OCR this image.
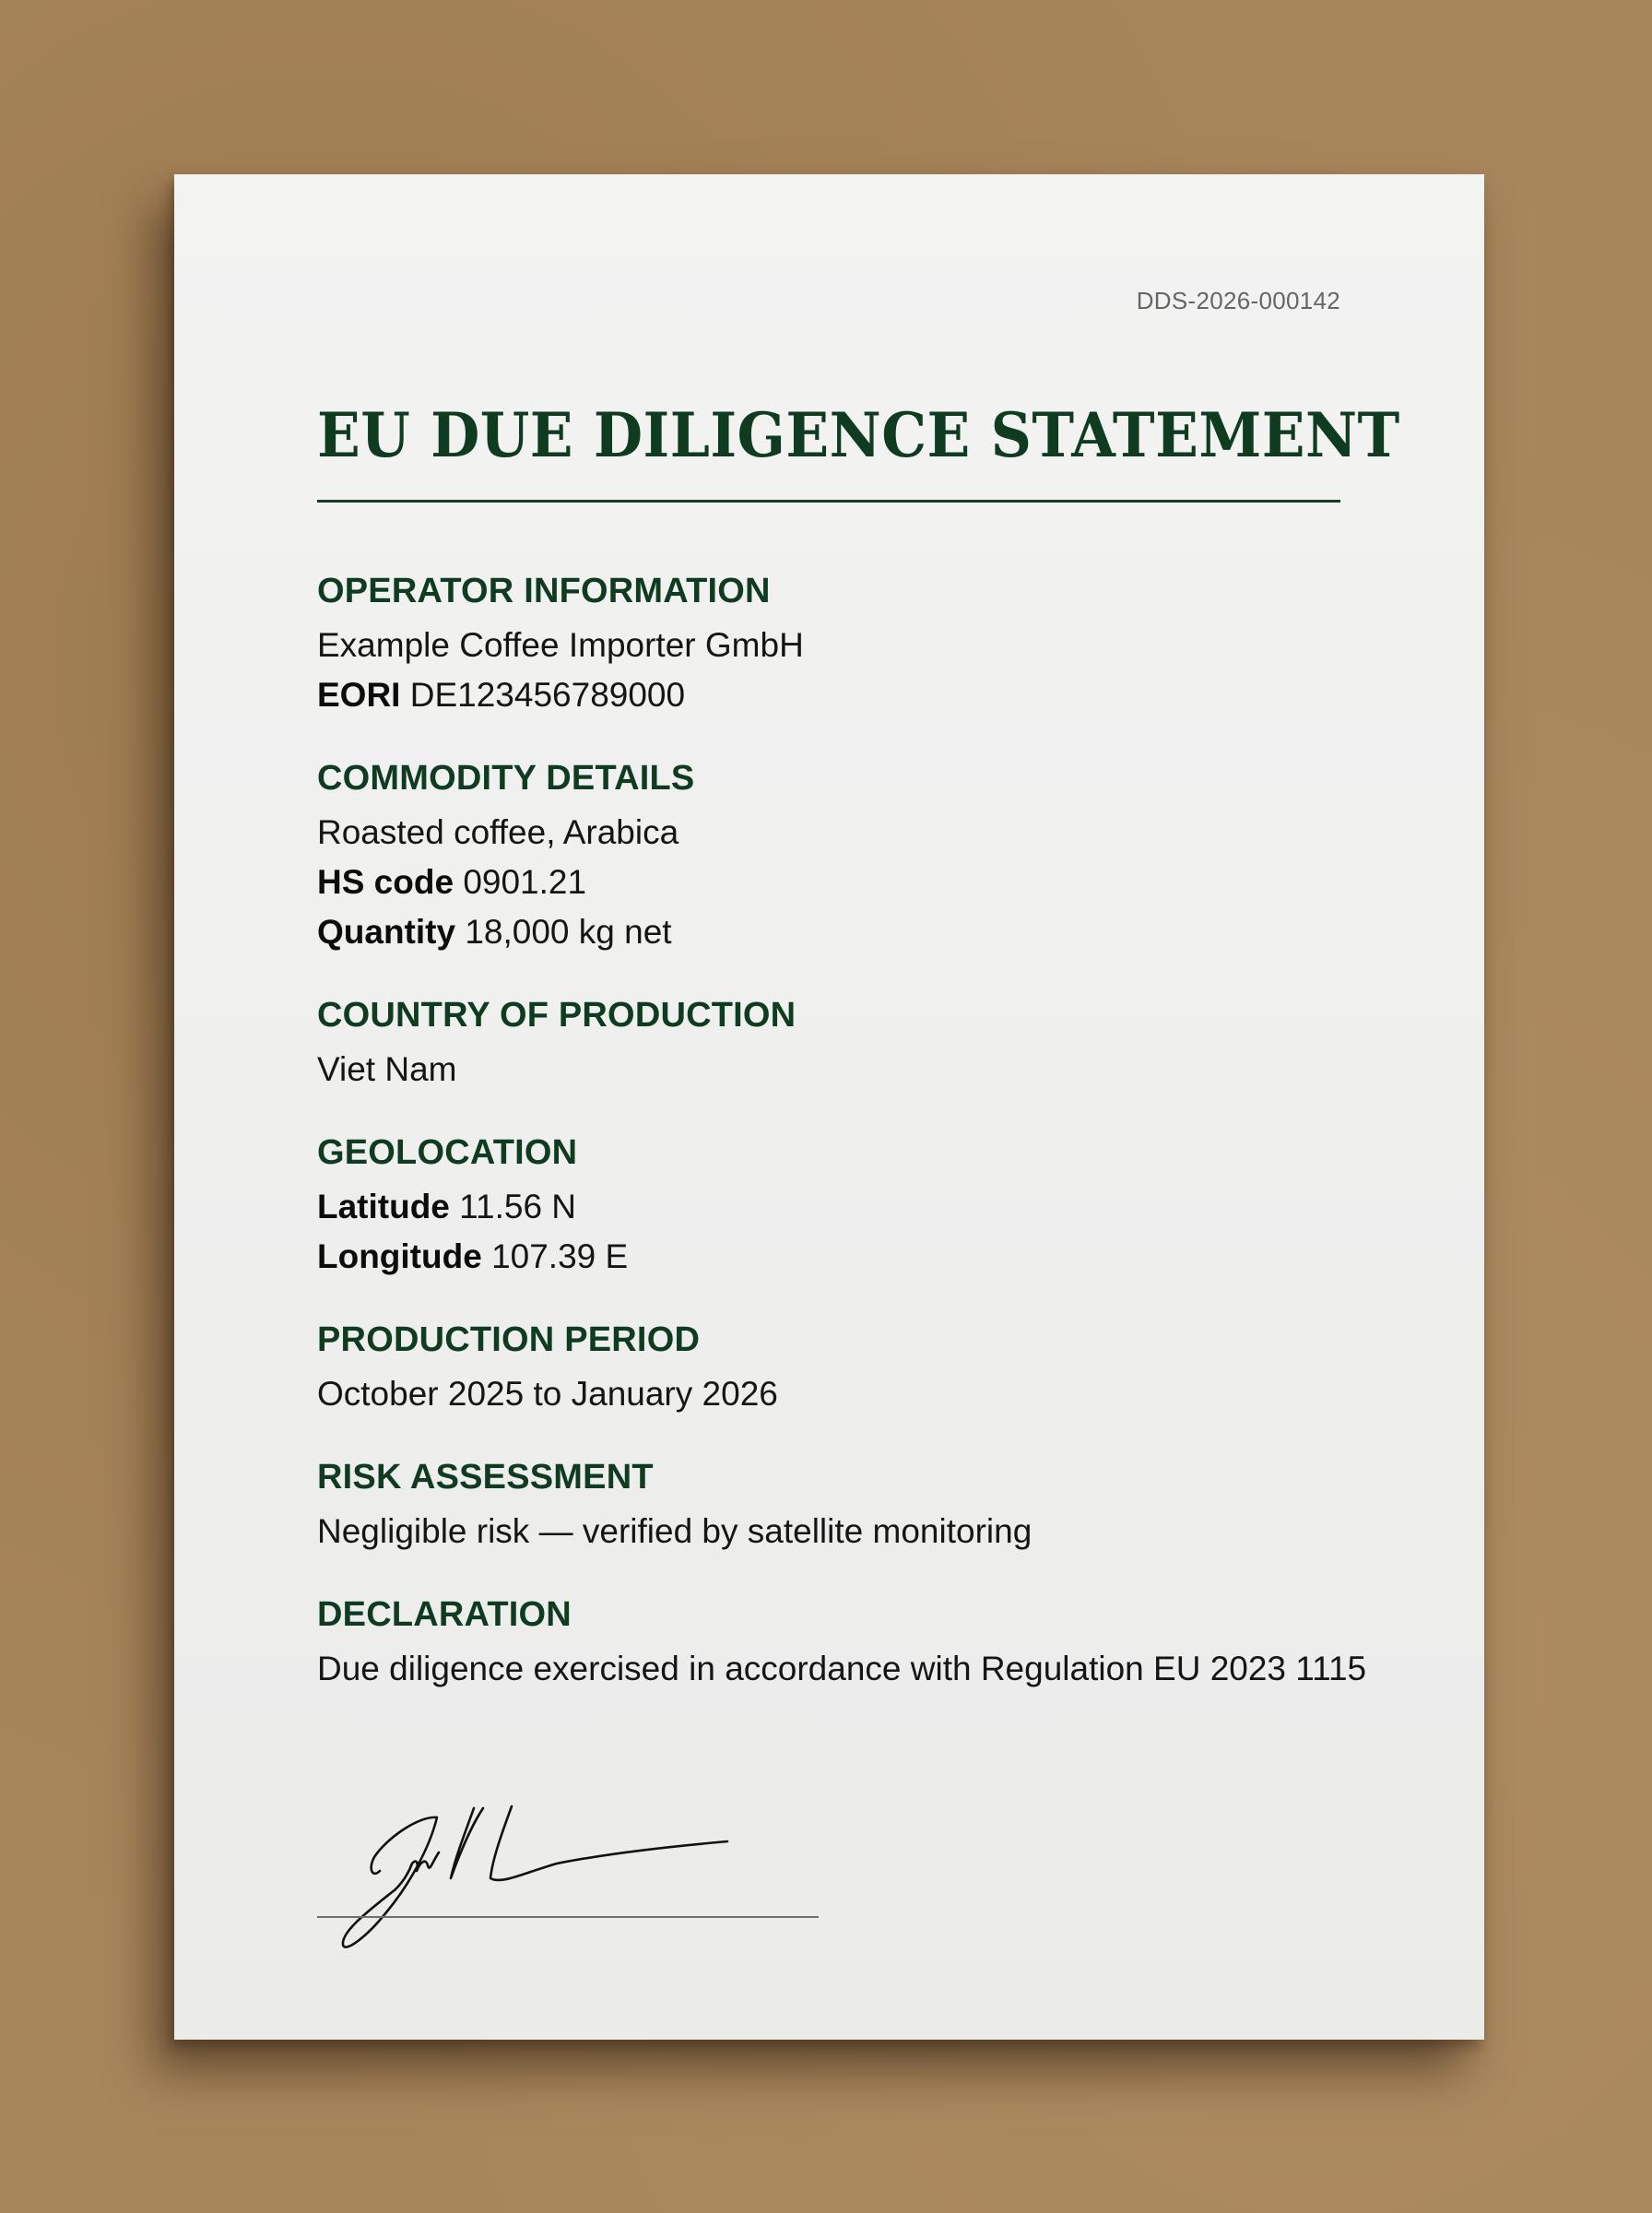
DDS-2026-000142
EU DUE DILIGENCE STATEMENT
OPERATOR INFORMATION
Example Coffee Importer GmbH
EORI DE123456789000
COMMODITY DETAILS
Roasted coffee, Arabica
HS code 0901.21
Quantity 18,000 kg net
COUNTRY OF PRODUCTION
Viet Nam
GEOLOCATION
Latitude 11.56 N
Longitude 107.39 E
PRODUCTION PERIOD
October 2025 to January 2026
RISK ASSESSMENT
Negligible risk — verified by satellite monitoring
DECLARATION
Due diligence exercised in accordance with Regulation EU 2023 1115
